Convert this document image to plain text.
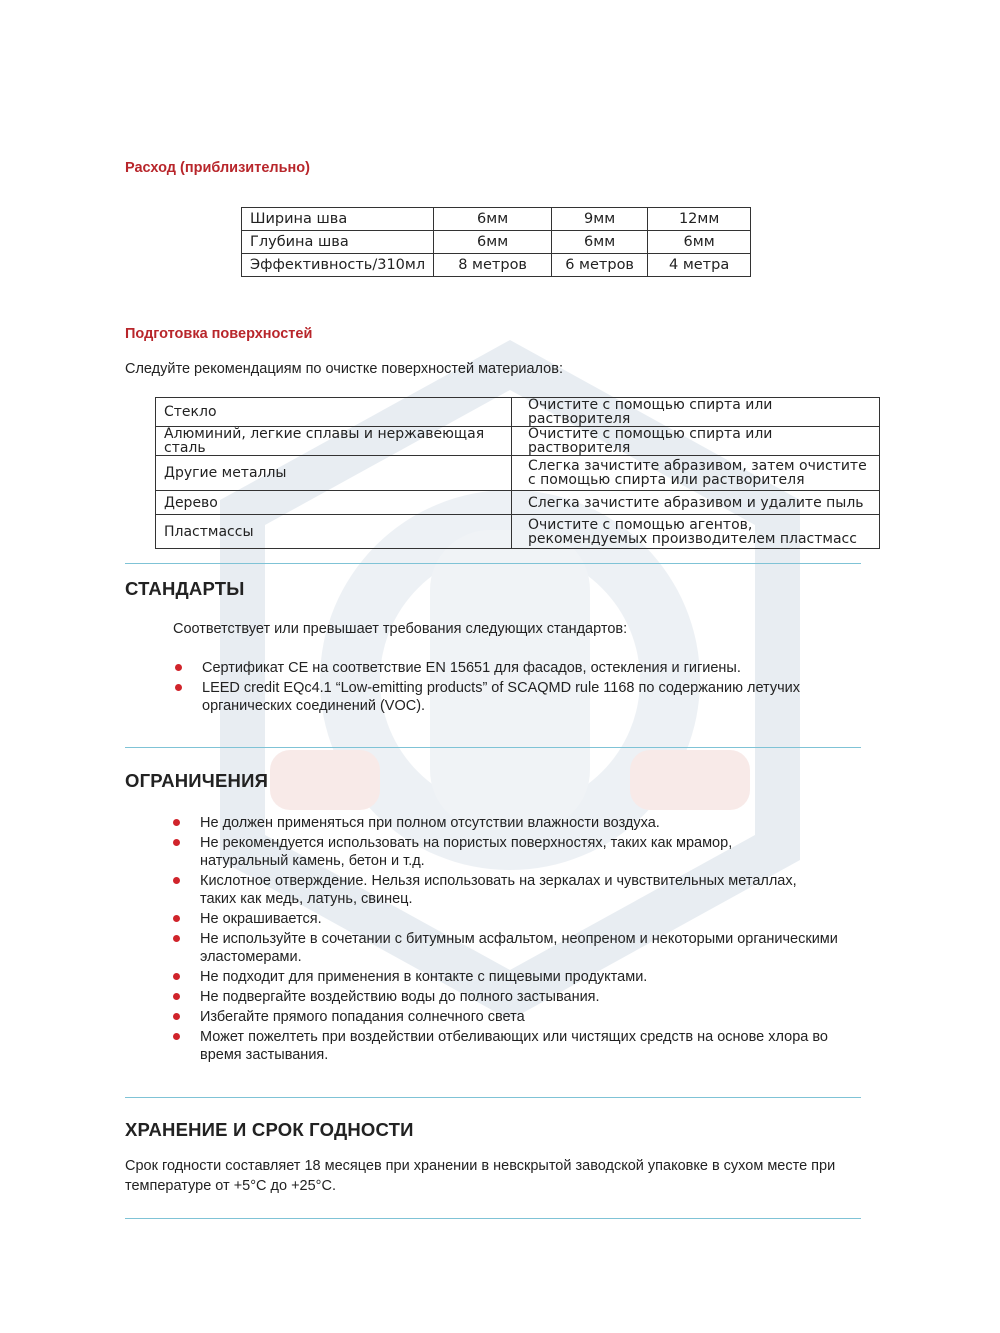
Расход (приблизительно)
Ширина шва	6мм	9мм	12мм
Глубина шва	6мм	6мм	6мм
Эффективность/310мл	8 метров	6 метров	4 метра
Подготовка поверхностей
Следуйте рекомендациям по очистке поверхностей материалов:
Стекло	Очистите с помощью спирта или растворителя
Алюминий, легкие сплавы и нержавеющая сталь	Очистите с помощью спирта или растворителя
Другие металлы	Слегка зачистите абразивом, затем очистите с помощью спирта или растворителя
Дерево	Слегка зачистите абразивом и удалите пыль
Пластмассы	Очистите с помощью агентов, рекомендуемых производителем пластмасс
СТАНДАРТЫ
Соответствует или превышает требования следующих стандартов:
Сертификат CE на соответствие EN 15651 для фасадов, остекления и гигиены.
LEED credit EQc4.1 “Low-emitting products” of SCAQMD rule 1168 по содержанию летучих органических соединений (VOC).
ОГРАНИЧЕНИЯ
Не должен применяться при полном отсутствии влажности воздуха.
Не рекомендуется использовать на пористых поверхностях, таких как мрамор, натуральный камень, бетон и т.д.
Кислотное отверждение. Нельзя использовать на зеркалах и чувствительных металлах, таких как медь, латунь, свинец.
Не окрашивается.
Не используйте в сочетании с битумным асфальтом, неопреном и некоторыми органическими эластомерами.
Не подходит для применения в контакте с пищевыми продуктами.
Не подвергайте воздействию воды до полного застывания.
Избегайте прямого попадания солнечного света
Может пожелтеть при воздействии отбеливающих или чистящих средств на основе хлора во время застывания.
ХРАНЕНИЕ И СРОК ГОДНОСТИ
Срок годности составляет 18 месяцев при хранении в невскрытой заводской упаковке в сухом месте при температуре от +5°С до +25°С.
